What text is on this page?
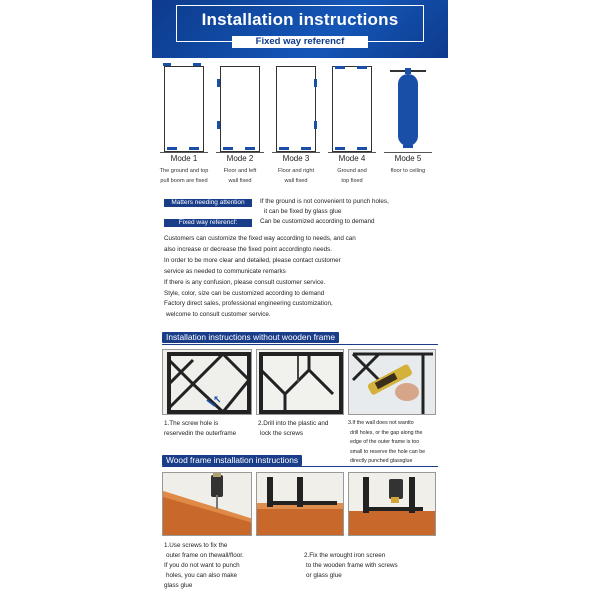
Installation instructions
Fixed way referencf
Mode 1
The ground and top
pull boom are fixed
Mode 2
Floor and left
wall fixed
Mode 3
Floor and right
wall fixed
Mode 4
Ground and
top fixed
Mode 5
floor to ceiling
Matters needing attention	If the ground is not convenient to punch holes,
it can be fixed by glass glue
Fixed way referencf:	Can be customized according to demand
Customers can customize the fixed way according to needs, and can
also increase or decrease the fixed point accordingto needs.
In order to be more clear and detailed, please contact customer
service as needed to communicate remarks
If there is any confusion, please consult customer service.
Style, color, size can be customized according to demand
Factory direct sales, professional engineering customization,
welcome to consult customer service.
Installation instructions without wooden frame
↖
1.The screw hole is
reservedin the outerframe
2.Drill into the plastic and
lock the screws
3.If the wall does not wantto
drill holes, or the gap along the
edge of the outer frame is too
small to reserve the hole can be
directly punched glassglue
Wood frame installation instructions
1.Use screws to fix the
outer frame on thewall/floor.
If you do not want to punch
holes, you can also make
glass glue
2.Fix the wrought iron screen
to the wooden frame with screws
or glass glue
